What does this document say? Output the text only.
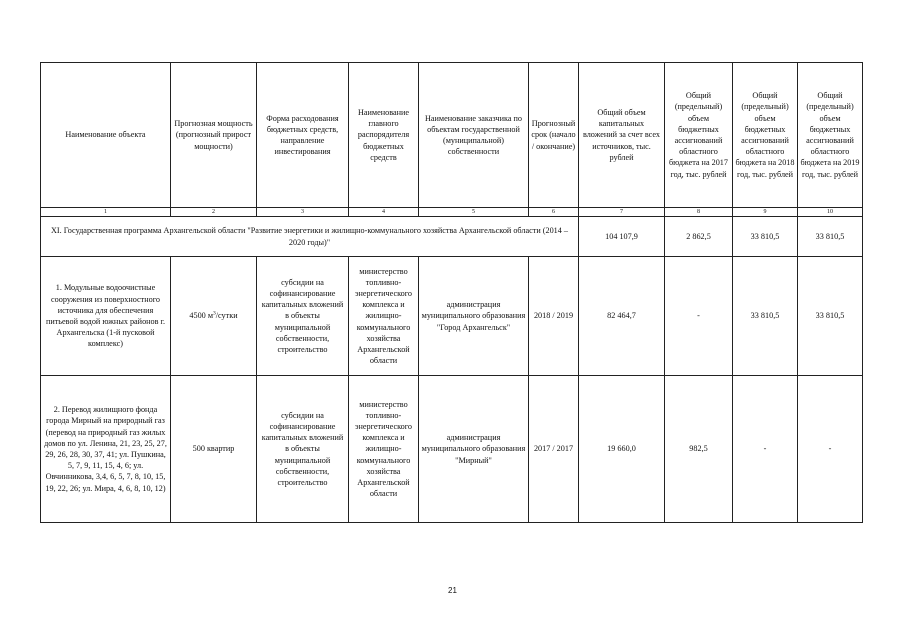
Наименование объекта	Прогнозная мощность (прогнозный прирост мощности)	Форма расходования бюджетных средств, направление инвестирования	Наименование главного распорядителя бюджетных средств	Наименование заказчика по объектам государственной (муниципальной) собственности	Прогнозный срок (начало / окончание)	Общий объем капитальных вложений за счет всех источников, тыс. рублей	Общий (предельный) объем бюджетных ассигнований областного бюджета на 2017 год, тыс. рублей	Общий (предельный) объем бюджетных ассигнований областного бюджета на 2018 год, тыс. рублей	Общий (предельный) объем бюджетных ассигнований областного бюджета на 2019 год, тыс. рублей
1	2	3	4	5	6	7	8	9	10
XI. Государственная программа Архангельской области "Развитие энергетики и жилищно-коммунального хозяйства Архангельской области (2014 – 2020 годы)"						104 107,9	2 862,5	33 810,5	33 810,5
1. Модульные водоочистные сооружения из поверхностного источника для обеспечения питьевой водой южных районов г. Архангельска (1-й пусковой комплекс)	4500 $м^3$/сутки	субсидии на софинансирование капитальных вложений в объекты муниципальной собственности, строительство	министерство топливно-энергетического комплекса и жилищно-коммунального хозяйства Архангельской области	администрация муниципального образования "Город Архангельск"	2018 / 2019	82 464,7	-	33 810,5	33 810,5
2. Перевод жилищного фонда города Мирный на природный газ (перевод на природный газ жилых домов по ул. Ленина, 21, 23, 25, 27, 29, 26, 28, 30, 37, 41; ул. Пушкина, 5, 7, 9, 11, 15, 4, 6; ул. Овчинникова, 3,4, 6, 5, 7, 8, 10, 15, 19, 22, 26; ул. Мира, 4, 6, 8, 10, 12)	500 квартир	субсидии на софинансирование капитальных вложений в объекты муниципальной собственности, строительство	министерство топливно-энергетического комплекса и жилищно-коммунального хозяйства Архангельской области	администрация муниципального образования "Мирный"	2017 / 2017	19 660,0	982,5	-	-
21
